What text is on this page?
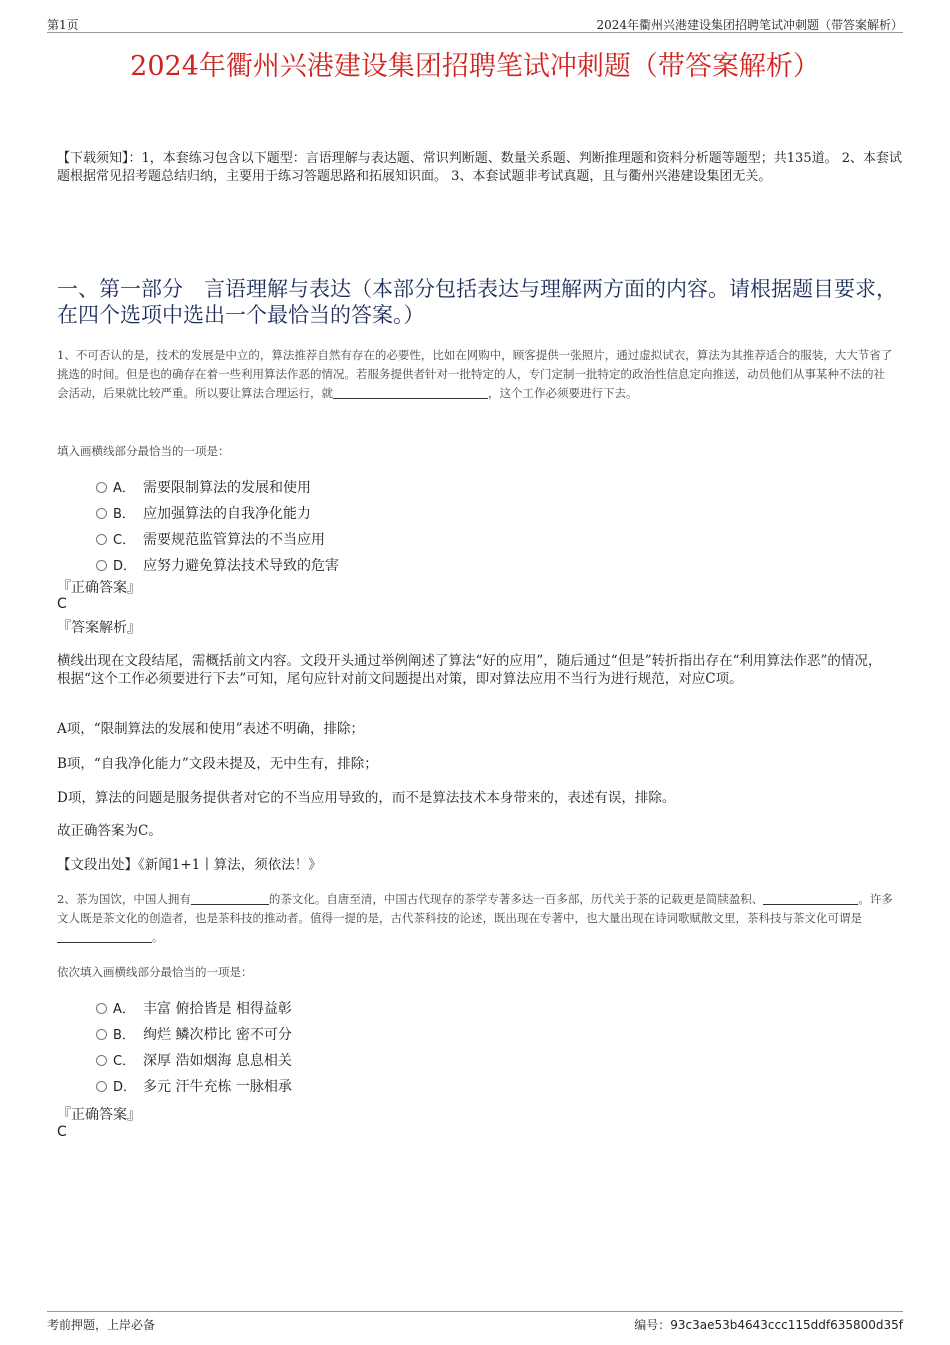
第1页	2024年衢州兴港建设集团招聘笔试冲刺题（带答案解析）
2024年衢州兴港建设集团招聘笔试冲刺题（带答案解析）
【下载须知】：1，本套练习包含以下题型：言语理解与表达题、常识判断题、数量关系题、判断推理题和资料分析题等题型；共135道。 2、本套试题根据常见招考题总结归纳，主要用于练习答题思路和拓展知识面。 3、本套试题非考试真题，且与衢州兴港建设集团无关。
一、第一部分　言语理解与表达（本部分包括表达与理解两方面的内容。请根据题目要求，在四个选项中选出一个最恰当的答案。）
1、不可否认的是，技术的发展是中立的，算法推荐自然有存在的必要性，比如在网购中，顾客提供一张照片，通过虚拟试衣，算法为其推荐适合的服装，大大节省了挑选的时间。但是也的确存在着一些利用算法作恶的情况。若服务提供者针对一批特定的人，专门定制一批特定的政治性信息定向推送，动员他们从事某种不法的社会活动，后果就比较严重。所以要让算法合理运行，就	，这个工作必须要进行下去。
填入画横线部分最恰当的一项是：
A． 需要限制算法的发展和使用
B． 应加强算法的自我净化能力
C． 需要规范监管算法的不当应用
D． 应努力避免算法技术导致的危害
『正确答案』
C
『答案解析』
横线出现在文段结尾，需概括前文内容。文段开头通过举例阐述了算法“好的应用”，随后通过“但是”转折指出存在“利用算法作恶”的情况，根据“这个工作必须要进行下去”可知，尾句应针对前文问题提出对策，即对算法应用不当行为进行规范，对应C项。
A项，“限制算法的发展和使用”表述不明确，排除；
B项，“自我净化能力”文段未提及，无中生有，排除；
D项，算法的问题是服务提供者对它的不当应用导致的，而不是算法技术本身带来的，表述有误，排除。
故正确答案为C。
【文段出处】《新闻1+1丨算法，须依法！》
2、茶为国饮，中国人拥有	的茶文化。自唐至清，中国古代现存的茶学专著多达一百多部，历代关于茶的记载更是简牍盈积、	。许多文人既是茶文化的创造者，也是茶科技的推动者。值得一提的是，古代茶科技的论述，既出现在专著中，也大量出现在诗词歌赋散文里，茶科技与茶文化可谓是。
依次填入画横线部分最恰当的一项是：
A． 丰富 俯拾皆是 相得益彰
B． 绚烂 鳞次栉比 密不可分
C． 深厚 浩如烟海 息息相关
D． 多元 汗牛充栋 一脉相承
『正确答案』
C
考前押题，上岸必备	编号：93c3ae53b4643ccc115ddf635800d35f
